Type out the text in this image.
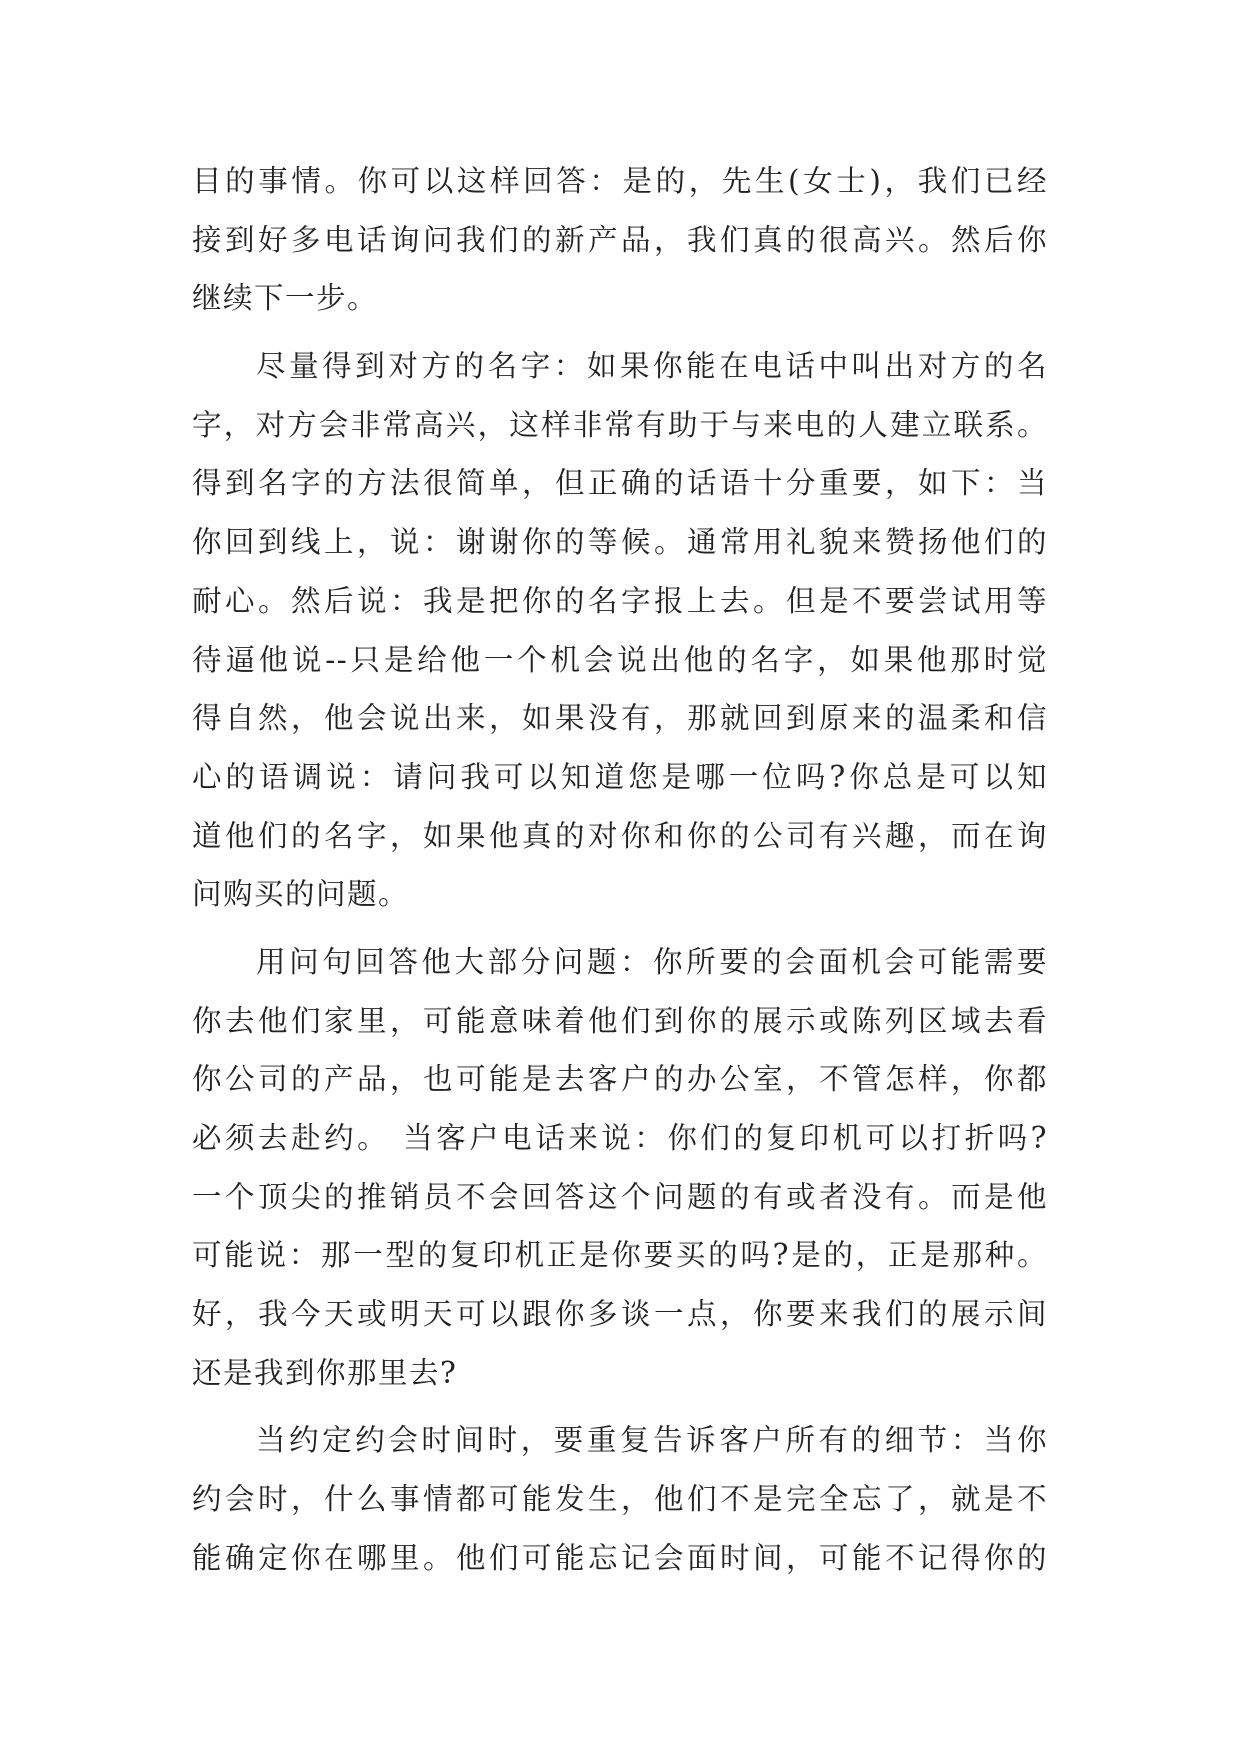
目的事情。你可以这样回答：是的，先生(女士)，我们已经
接到好多电话询问我们的新产品，我们真的很高兴。然后你
继续下一步。
尽量得到对方的名字：如果你能在电话中叫出对方的名
字，对方会非常高兴，这样非常有助于与来电的人建立联系。
得到名字的方法很简单，但正确的话语十分重要，如下：当
你回到线上，说：谢谢你的等候。通常用礼貌来赞扬他们的
耐心。然后说：我是把你的名字报上去。但是不要尝试用等
待逼他说--只是给他一个机会说出他的名字，如果他那时觉
得自然，他会说出来，如果没有，那就回到原来的温柔和信
心的语调说：请问我可以知道您是哪一位吗?你总是可以知
道他们的名字，如果他真的对你和你的公司有兴趣，而在询
问购买的问题。
用问句回答他大部分问题：你所要的会面机会可能需要
你去他们家里，可能意味着他们到你的展示或陈列区域去看
你公司的产品，也可能是去客户的办公室，不管怎样，你都
必须去赴约。 当客户电话来说：你们的复印机可以打折吗?
一个顶尖的推销员不会回答这个问题的有或者没有。而是他
可能说：那一型的复印机正是你要买的吗?是的，正是那种。
好，我今天或明天可以跟你多谈一点，你要来我们的展示间
还是我到你那里去?
当约定约会时间时，要重复告诉客户所有的细节：当你
约会时，什么事情都可能发生，他们不是完全忘了，就是不
能确定你在哪里。他们可能忘记会面时间，可能不记得你的
